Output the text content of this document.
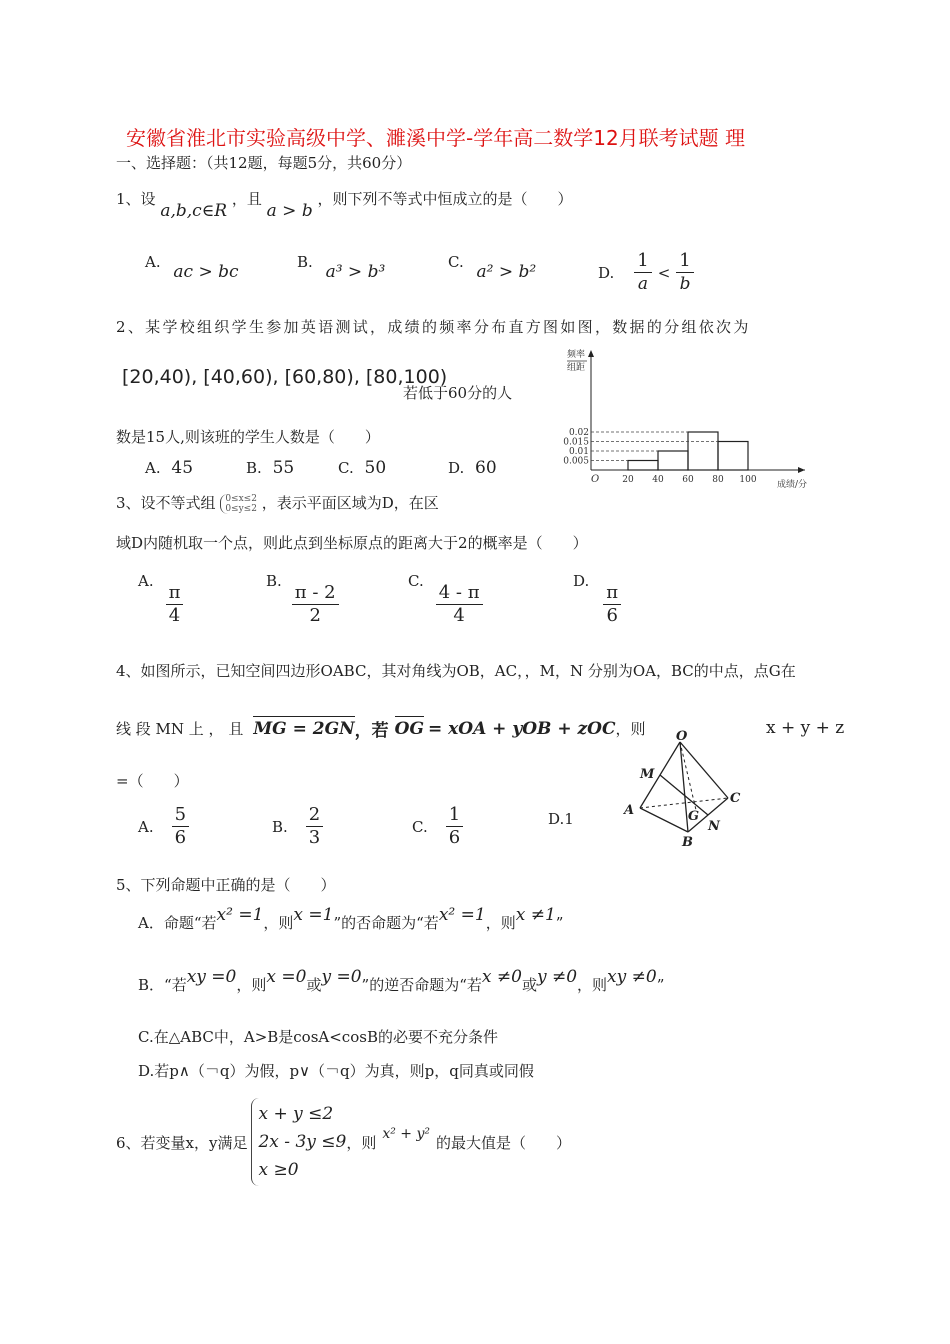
安徽省淮北市实验高级中学、濉溪中学-学年高二数学12月联考试题 理
一、选择题：（共12题，每题5分，共60分）
1、设 a,b,c∈R ，且 a > b ，则下列不等式中恒成立的是（　　）
A. ac > bc	B. a³ > b³	C. a² > b²	D. $\frac{1}{a} < \frac{1}{b}$
2、某学校组织学生参加英语测试，成绩的频率分布直方图如图，数据的分组依次为
[20,40), [40,60), [60,80), [80,100)
若低于60分的人
数是15人,则该班的学生人数是（　　）
A. 45	B. 55	C. 50	D. 60
频率
组距
0.005
0.01
0.015
0.02
20 40 60 80 100
O	成绩/分
3、设不等式组 0≤x≤2
0≤y≤2 ，表示平面区域为D，在区
域D内随机取一个点，则此点到坐标原点的距离大于2的概率是（　　）
A.
$\frac{\pi}{4}$
B.
$\frac{\pi - 2}{2}$
C.
$\frac{4 - \pi}{4}$
D.
$\frac{\pi}{6}$
4、如图所示，已知空间四边形OABC，其对角线为OB，AC，，M，N 分别为OA，BC的中点，点G在
线 段 MN 上 ， 且 MG = 2GN ，若 OG = xOA + yOB + zOC ，则	x + y + z
=（　　）
A. $\frac{5}{6}$	B. $\frac{2}{3}$	C. $\frac{1}{6}$	D.1
O
A
B
C
M
N
G
5、下列命题中正确的是（　　）
A．命题“若x² =1，则x =1”的否命题为“若x² =1，则x ≠1”
B．“若xy =0，则x =0或y =0”的逆否命题为“若x ≠0或y ≠0，则xy ≠0”
C.在△ABC中，A>B是cosA<cosB的必要不充分条件
D.若p∧（￢q）为假，p∨（￢q）为真，则p，q同真或同假
6、若变量x，y满足
x + y ≤2
2x - 3y ≤9
x ≥0
，则 x² + y² 的最大值是（　　）
